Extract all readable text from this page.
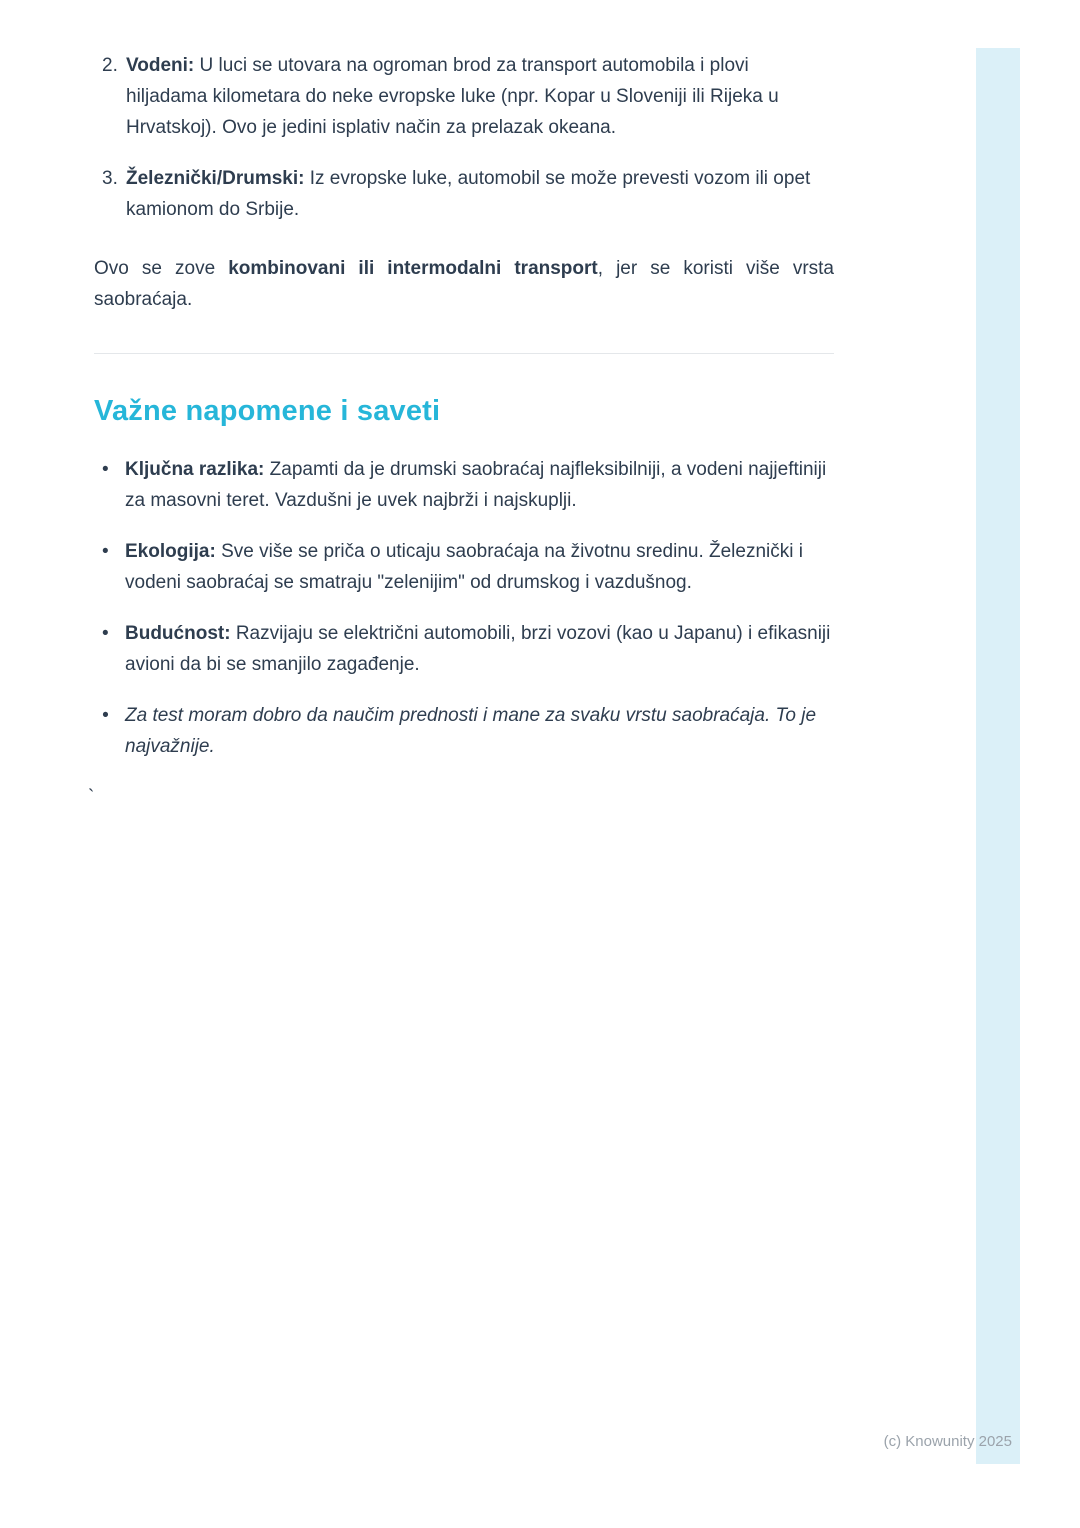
2. Vodeni: U luci se utovara na ogroman brod za transport automobila i plovi hiljadama kilometara do neke evropske luke (npr. Kopar u Sloveniji ili Rijeka u Hrvatskoj). Ovo je jedini isplativ način za prelazak okeana.

3. Železnički/Drumski: Iz evropske luke, automobil se može prevesti vozom ili opet kamionom do Srbije.

Ovo se zove kombinovani ili intermodalni transport, jer se koristi više vrsta saobraćaja.

Važne napomene i saveti
• Ključna razlika: Zapamti da je drumski saobraćaj najfleksibilniji, a vodeni najjeftiniji za masovni teret. Vazdušni je uvek najbrži i najskuplji.
• Ekologija: Sve više se priča o uticaju saobraćaja na životnu sredinu. Železnički i vodeni saobraćaj se smatraju "zelenijim" od drumskog i vazdušnog.
• Budućnost: Razvijaju se električni automobili, brzi vozovi (kao u Japanu) i efikasniji avioni da bi se smanjilo zagađenje.
• Za test moram dobro da naučim prednosti i mane za svaku vrstu saobraćaja. To je najvažnije.
`
(c) Knowunity 2025
